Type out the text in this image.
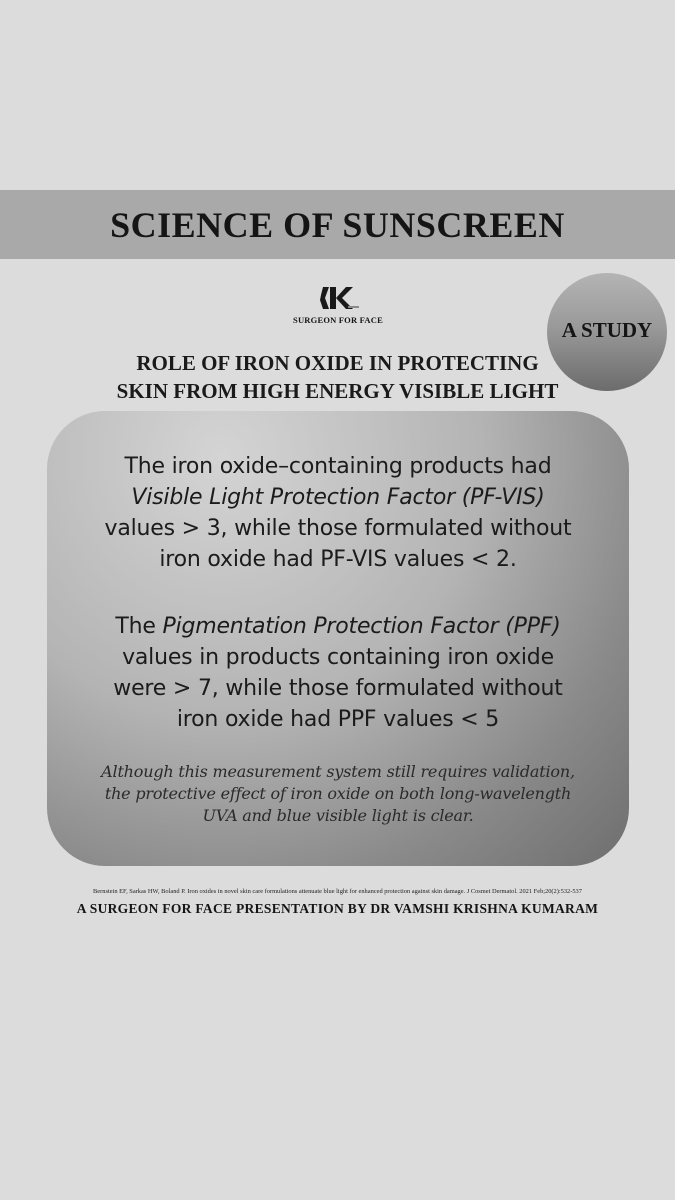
SCIENCE OF SUNSCREEN
SURGEON FOR FACE	A STUDY
ROLE OF IRON OXIDE IN PROTECTING
SKIN FROM HIGH ENERGY VISIBLE LIGHT
The iron oxide–containing products had
Visible Light Protection Factor (PF-VIS)
values > 3, while those formulated without
iron oxide had PF-VIS values < 2.
The Pigmentation Protection Factor (PPF)
values in products containing iron oxide
were > 7, while those formulated without
iron oxide had PPF values < 5
Although this measurement system still requires validation,
the protective effect of iron oxide on both long-wavelength
UVA and blue visible light is clear.
Bernstein EF, Sarkas HW, Boland P. Iron oxides in novel skin care formulations attenuate blue light for enhanced protection against skin damage. J Cosmet Dermatol. 2021 Feb;20(2):532-537
A SURGEON FOR FACE PRESENTATION BY DR VAMSHI KRISHNA KUMARAM
